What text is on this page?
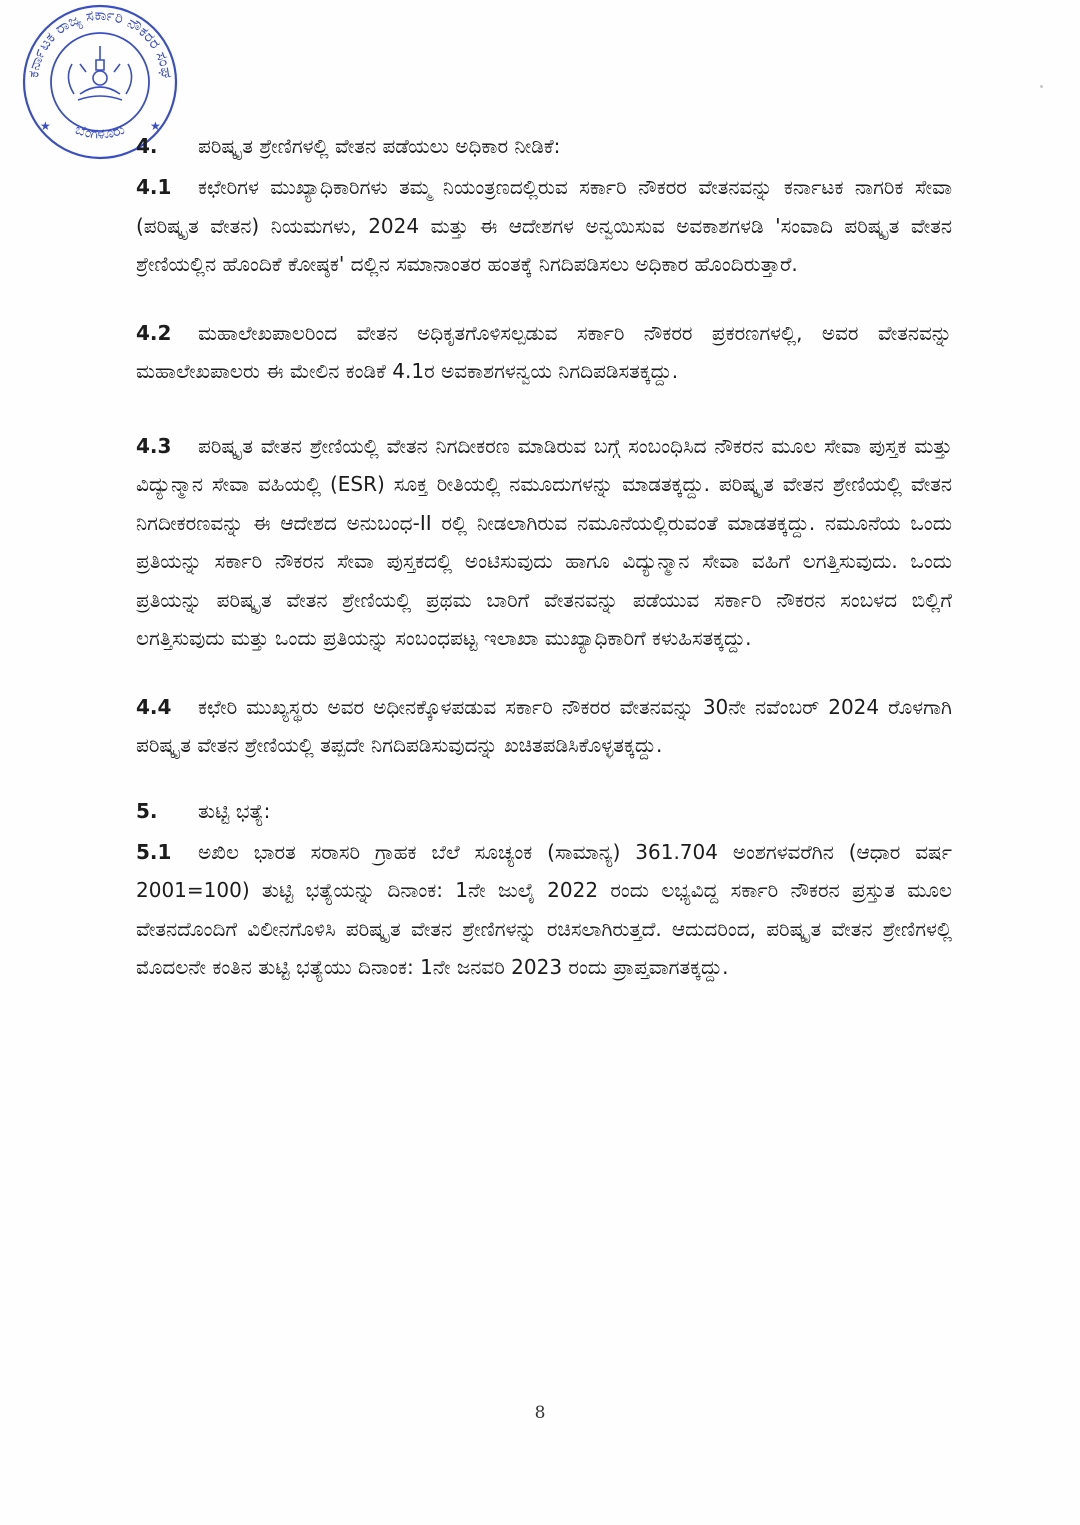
ಕರ್ನಾಟಕ ರಾಜ್ಯ ಸರ್ಕಾರಿ ನೌಕರರ ಸಂಘ
ಬೆಂಗಳೂರು
★	★
4.	ಪರಿಷ್ಕೃತ ಶ್ರೇಣಿಗಳಲ್ಲಿ ವೇತನ ಪಡೆಯಲು ಅಧಿಕಾರ ನೀಡಿಕೆ:

4.1 ಕಛೇರಿಗಳ ಮುಖ್ಯಾಧಿಕಾರಿಗಳು ತಮ್ಮ ನಿಯಂತ್ರಣದಲ್ಲಿರುವ ಸರ್ಕಾರಿ ನೌಕರರ ವೇತನವನ್ನು ಕರ್ನಾಟಕ ನಾಗರಿಕ ಸೇವಾ (ಪರಿಷ್ಕೃತ ವೇತನ) ನಿಯಮಗಳು, 2024 ಮತ್ತು ಈ ಆದೇಶಗಳ ಅನ್ವಯಿಸುವ ಅವಕಾಶಗಳಡಿ 'ಸಂವಾದಿ ಪರಿಷ್ಕೃತ ವೇತನ ಶ್ರೇಣಿಯಲ್ಲಿನ ಹೊಂದಿಕೆ ಕೋಷ್ಠಕ' ದಲ್ಲಿನ ಸಮಾನಾಂತರ ಹಂತಕ್ಕೆ ನಿಗದಿಪಡಿಸಲು ಅಧಿಕಾರ ಹೊಂದಿರುತ್ತಾರೆ.

4.2 ಮಹಾಲೇಖಪಾಲರಿಂದ ವೇತನ ಅಧಿಕೃತಗೊಳಿಸಲ್ಪಡುವ ಸರ್ಕಾರಿ ನೌಕರರ ಪ್ರಕರಣಗಳಲ್ಲಿ, ಅವರ ವೇತನವನ್ನು ಮಹಾಲೇಖಪಾಲರು ಈ ಮೇಲಿನ ಕಂಡಿಕೆ 4.1ರ ಅವಕಾಶಗಳನ್ವಯ ನಿಗದಿಪಡಿಸತಕ್ಕದ್ದು.

4.3 ಪರಿಷ್ಕೃತ ವೇತನ ಶ್ರೇಣಿಯಲ್ಲಿ ವೇತನ ನಿಗದೀಕರಣ ಮಾಡಿರುವ ಬಗ್ಗೆ ಸಂಬಂಧಿಸಿದ ನೌಕರನ ಮೂಲ ಸೇವಾ ಪುಸ್ತಕ ಮತ್ತು ವಿದ್ಯುನ್ಮಾನ ಸೇವಾ ವಹಿಯಲ್ಲಿ (ESR) ಸೂಕ್ತ ರೀತಿಯಲ್ಲಿ ನಮೂದುಗಳನ್ನು ಮಾಡತಕ್ಕದ್ದು. ಪರಿಷ್ಕೃತ ವೇತನ ಶ್ರೇಣಿಯಲ್ಲಿ ವೇತನ ನಿಗದೀಕರಣವನ್ನು ಈ ಆದೇಶದ ಅನುಬಂಧ-II ರಲ್ಲಿ ನೀಡಲಾಗಿರುವ ನಮೂನೆಯಲ್ಲಿರುವಂತೆ ಮಾಡತಕ್ಕದ್ದು. ನಮೂನೆಯ ಒಂದು ಪ್ರತಿಯನ್ನು ಸರ್ಕಾರಿ ನೌಕರನ ಸೇವಾ ಪುಸ್ತಕದಲ್ಲಿ ಅಂಟಿಸುವುದು ಹಾಗೂ ವಿದ್ಯುನ್ಮಾನ ಸೇವಾ ವಹಿಗೆ ಲಗತ್ತಿಸುವುದು. ಒಂದು ಪ್ರತಿಯನ್ನು ಪರಿಷ್ಕೃತ ವೇತನ ಶ್ರೇಣಿಯಲ್ಲಿ ಪ್ರಥಮ ಬಾರಿಗೆ ವೇತನವನ್ನು ಪಡೆಯುವ ಸರ್ಕಾರಿ ನೌಕರನ ಸಂಬಳದ ಬಿಲ್ಲಿಗೆ ಲಗತ್ತಿಸುವುದು ಮತ್ತು ಒಂದು ಪ್ರತಿಯನ್ನು ಸಂಬಂಧಪಟ್ಟ ಇಲಾಖಾ ಮುಖ್ಯಾಧಿಕಾರಿಗೆ ಕಳುಹಿಸತಕ್ಕದ್ದು.

4.4 ಕಛೇರಿ ಮುಖ್ಯಸ್ಥರು ಅವರ ಅಧೀನಕ್ಕೊಳಪಡುವ ಸರ್ಕಾರಿ ನೌಕರರ ವೇತನವನ್ನು 30ನೇ ನವೆಂಬರ್ 2024 ರೊಳಗಾಗಿ ಪರಿಷ್ಕೃತ ವೇತನ ಶ್ರೇಣಿಯಲ್ಲಿ ತಪ್ಪದೇ ನಿಗದಿಪಡಿಸುವುದನ್ನು ಖಚಿತಪಡಿಸಿಕೊಳ್ಳತಕ್ಕದ್ದು.

5.	ತುಟ್ಟಿ ಭತ್ಯೆ:

5.1 ಅಖಿಲ ಭಾರತ ಸರಾಸರಿ ಗ್ರಾಹಕ ಬೆಲೆ ಸೂಚ್ಯಂಕ (ಸಾಮಾನ್ಯ) 361.704 ಅಂಶಗಳವರೆಗಿನ (ಆಧಾರ ವರ್ಷ 2001=100) ತುಟ್ಟಿ ಭತ್ಯೆಯನ್ನು ದಿನಾಂಕ: 1ನೇ ಜುಲೈ 2022 ರಂದು ಲಭ್ಯವಿದ್ದ ಸರ್ಕಾರಿ ನೌಕರನ ಪ್ರಸ್ತುತ ಮೂಲ ವೇತನದೊಂದಿಗೆ ವಿಲೀನಗೊಳಿಸಿ ಪರಿಷ್ಕೃತ ವೇತನ ಶ್ರೇಣಿಗಳನ್ನು ರಚಿಸಲಾಗಿರುತ್ತದೆ. ಆದುದರಿಂದ, ಪರಿಷ್ಕೃತ ವೇತನ ಶ್ರೇಣಿಗಳಲ್ಲಿ ಮೊದಲನೇ ಕಂತಿನ ತುಟ್ಟಿ ಭತ್ಯೆಯು ದಿನಾಂಕ: 1ನೇ ಜನವರಿ 2023 ರಂದು ಪ್ರಾಪ್ತವಾಗತಕ್ಕದ್ದು.

8
